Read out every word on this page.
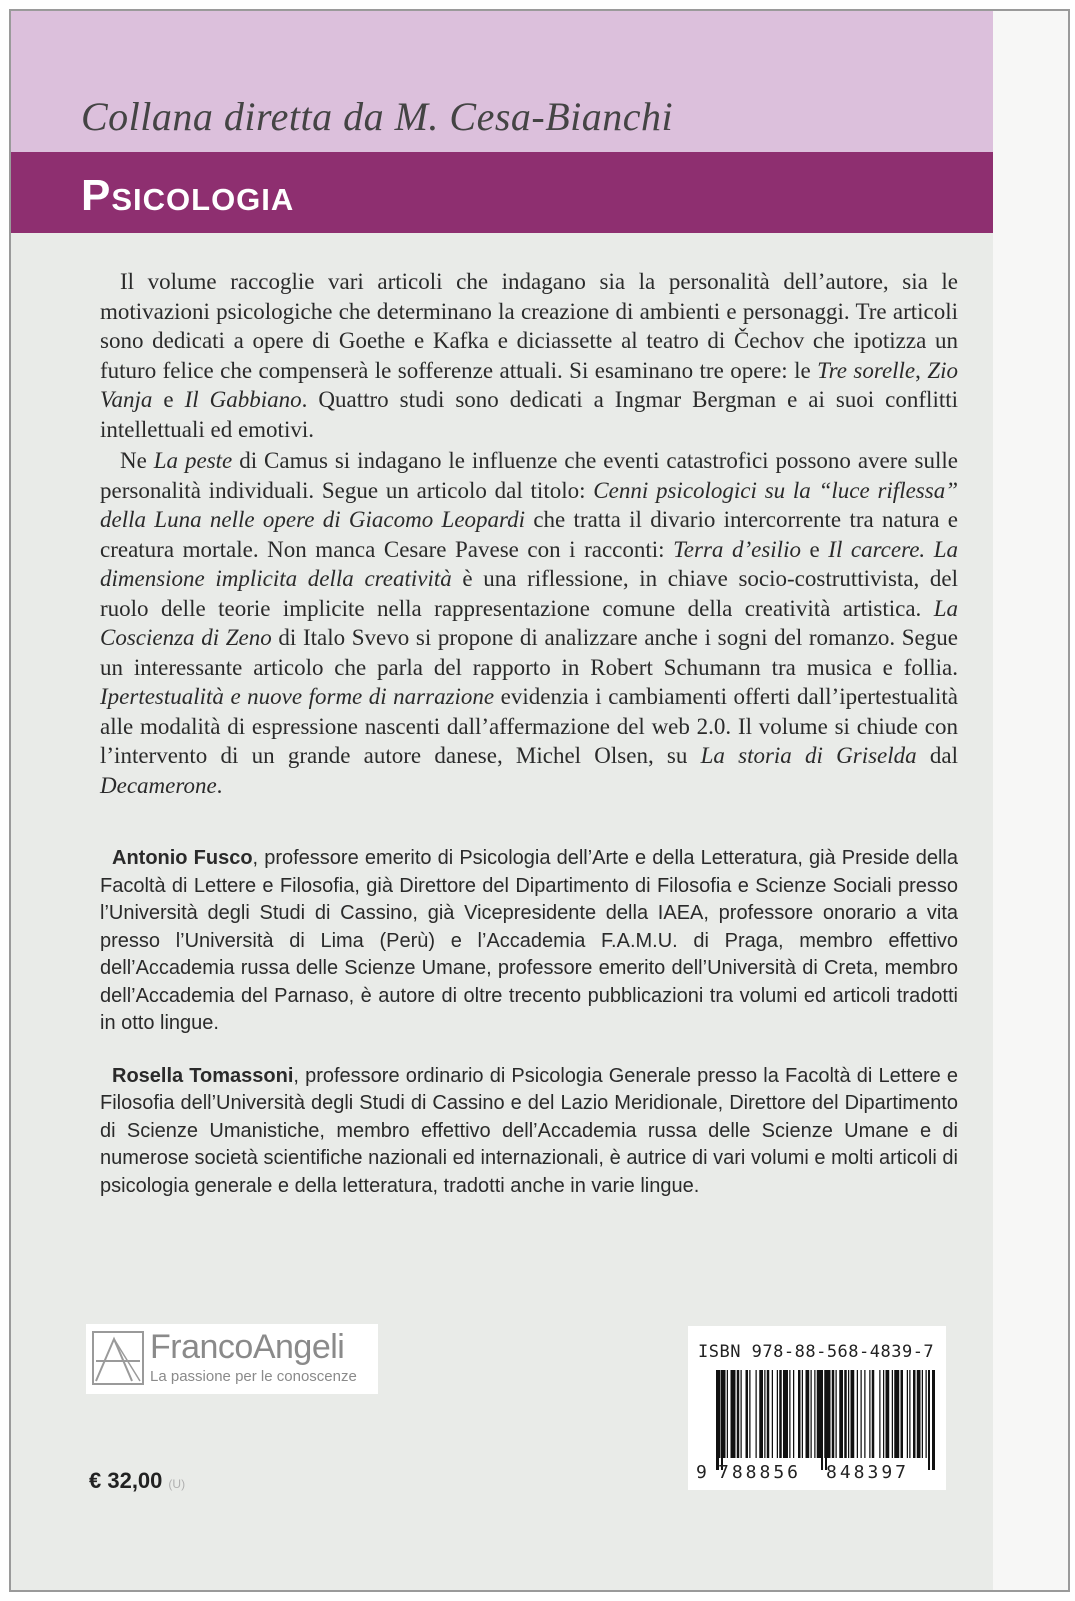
Collana diretta da M. Cesa-Bianchi
Psicologia

Il volume raccoglie vari articoli che indagano sia la personalità dell’autore, sia le motivazioni psicologiche che determinano la creazione di ambienti e personaggi. Tre articoli sono dedicati a opere di Goethe e Kafka e diciassette al teatro di Čechov che ipotizza un futuro felice che compenserà le sofferenze attuali. Si esaminano tre opere: le Tre sorelle, Zio Vanja e Il Gabbiano. Quattro studi sono dedicati a Ingmar Bergman e ai suoi conflitti intellettuali ed emotivi.

Ne La peste di Camus si indagano le influenze che eventi catastrofici possono avere sulle personalità individuali. Segue un articolo dal titolo: Cenni psicologici su la “luce riflessa” della Luna nelle opere di Giacomo Leopardi che tratta il divario intercorrente tra natura e creatura mortale. Non manca Cesare Pavese con i racconti: Terra d’esilio e Il carcere. La dimensione implicita della creatività è una riflessione, in chiave socio-costruttivista, del ruolo delle teorie implicite nella rappresentazione comune della creatività artistica. La Coscienza di Zeno di Italo Svevo si propone di analizzare anche i sogni del romanzo. Segue un interessante articolo che parla del rapporto in Robert Schumann tra musica e follia. Ipertestualità e nuove forme di narrazione evidenzia i cambiamenti offerti dall’ipertestualità alle modalità di espressione nascenti dall’affermazione del web 2.0. Il volume si chiude con l’intervento di un grande autore danese, Michel Olsen, su La storia di Griselda dal Decamerone.

Antonio Fusco, professore emerito di Psicologia dell’Arte e della Letteratura, già Preside della Facoltà di Lettere e Filosofia, già Direttore del Dipartimento di Filosofia e Scienze Sociali presso l’Università degli Studi di Cassino, già Vicepresidente della IAEA, professore onorario a vita presso l’Università di Lima (Perù) e l’Accademia F.A.M.U. di Praga, membro effettivo dell’Accademia russa delle Scienze Umane, professore emerito dell’Università di Creta, membro dell’Accademia del Parnaso, è autore di oltre trecento pubblicazioni tra volumi ed articoli tradotti in otto lingue.

Rosella Tomassoni, professore ordinario di Psicologia Generale presso la Facoltà di Lettere e Filosofia dell’Università degli Studi di Cassino e del Lazio Meridionale, Direttore del Dipartimento di Scienze Umanistiche, membro effettivo dell’Accademia russa delle Scienze Umane e di numerose società scientifiche nazionali ed internazionali, è autrice di vari volumi e molti articoli di psicologia generale e della letteratura, tradotti anche in varie lingue.

FrancoAngeli
La passione per le conoscenze
ISBN 978-88-568-4839-7
9 788856 848397
€ 32,00 (U)
